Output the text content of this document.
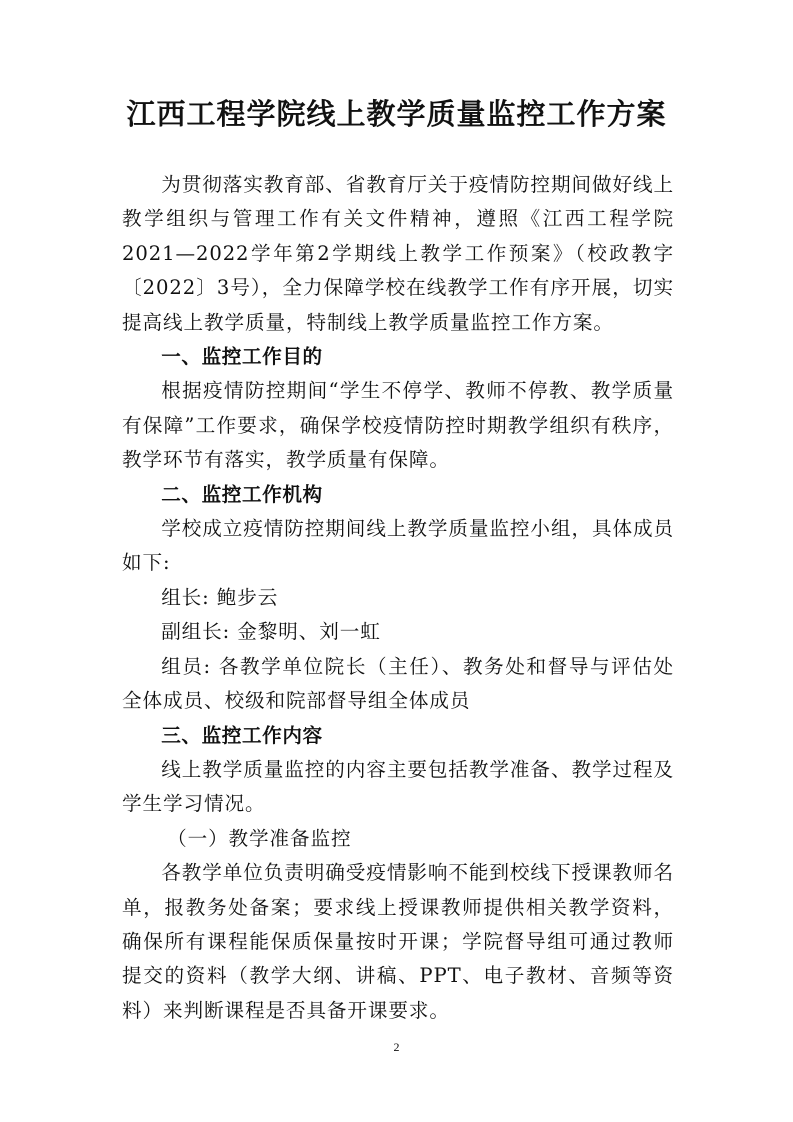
江西工程学院线上教学质量监控工作方案

为贯彻落实教育部、省教育厅关于疫情防控期间做好线上教学组织与管理工作有关文件精神，遵照《江西工程学院2021—2022学年第2学期线上教学工作预案》（校政教字〔2022〕3号），全力保障学校在线教学工作有序开展，切实提高线上教学质量，特制线上教学质量监控工作方案。

一、监控工作目的

根据疫情防控期间“学生不停学、教师不停教、教学质量有保障”工作要求，确保学校疫情防控时期教学组织有秩序，教学环节有落实，教学质量有保障。

二、监控工作机构

学校成立疫情防控期间线上教学质量监控小组，具体成员如下:

组长: 鲍步云

副组长: 金黎明、刘一虹

组员: 各教学单位院长（主任）、教务处和督导与评估处全体成员、校级和院部督导组全体成员

三、监控工作内容

线上教学质量监控的内容主要包括教学准备、教学过程及学生学习情况。

（一）教学准备监控

各教学单位负责明确受疫情影响不能到校线下授课教师名单，报教务处备案；要求线上授课教师提供相关教学资料，确保所有课程能保质保量按时开课；学院督导组可通过教师提交的资料（教学大纲、讲稿、PPT、电子教材、音频等资料）来判断课程是否具备开课要求。

2
